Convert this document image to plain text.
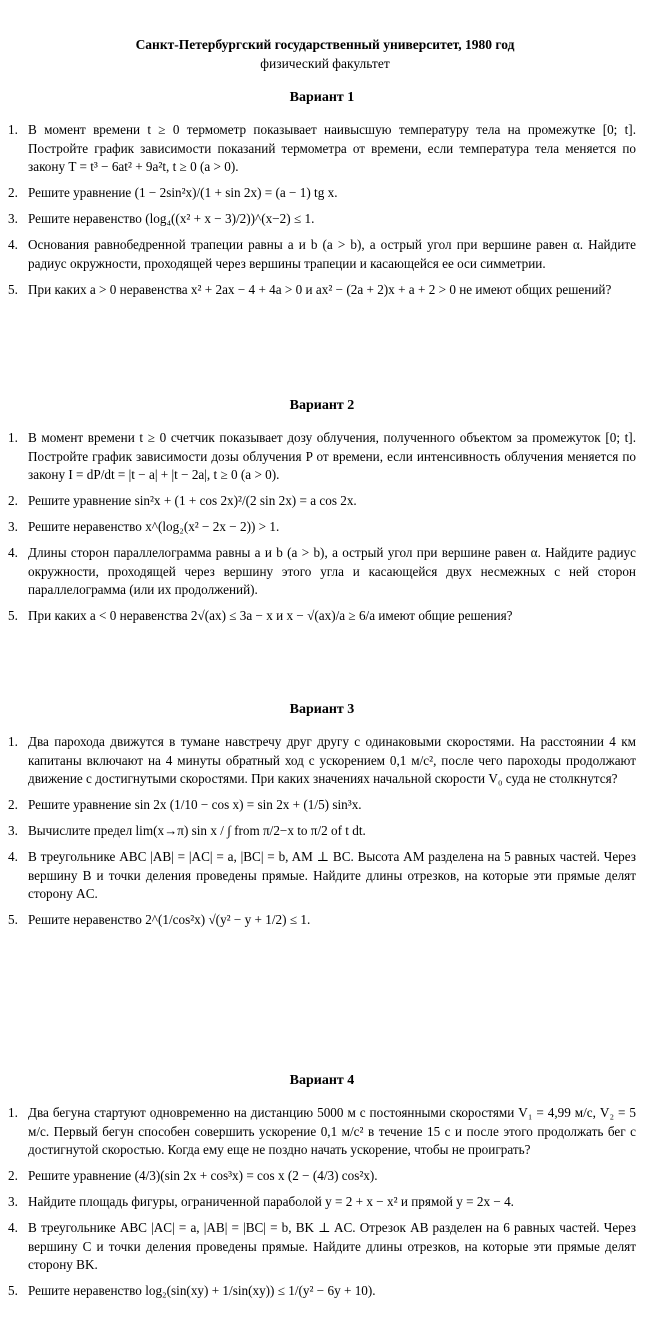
Санкт-Петербургский государственный университет, 1980 год
физический факультет
Вариант 1
1. В момент времени t ≥ 0 термометр показывает наивысшую температуру тела на промежутке [0; t]. Постройте график зависимости показаний термометра от времени, если температура тела меняется по закону T = t³ − 6at² + 9a²t, t ≥ 0 (a > 0).
2. Решите уравнение (1 − 2sin²x)/(1 + sin 2x) = (a − 1) tg x.
3. Решите неравенство (log₄((x² + x − 3)/2))^(x−2) ≤ 1.
4. Основания равнобедренной трапеции равны a и b (a > b), а острый угол при вершине равен α. Найдите радиус окружности, проходящей через вершины трапеции и касающейся ее оси симметрии.
5. При каких a > 0 неравенства x² + 2ax − 4 + 4a > 0 и ax² − (2a + 2)x + a + 2 > 0 не имеют общих решений?
Вариант 2
1. В момент времени t ≥ 0 счетчик показывает дозу облучения, полученного объектом за промежуток [0; t]. Постройте график зависимости дозы облучения P от времени, если интенсивность облучения меняется по закону I = dP/dt = |t − a| + |t − 2a|, t ≥ 0 (a > 0).
2. Решите уравнение sin²x + (1 + cos 2x)²/(2 sin 2x) = a cos 2x.
3. Решите неравенство x^(log₂(x² − 2x − 2)) > 1.
4. Длины сторон параллелограмма равны a и b (a > b), а острый угол при вершине равен α. Найдите радиус окружности, проходящей через вершину этого угла и касающейся двух несмежных с ней сторон параллелограмма (или их продолжений).
5. При каких a < 0 неравенства 2√(ax) ≤ 3a − x и x − √(ax)/a ≥ 6/a имеют общие решения?
Вариант 3
1. Два парохода движутся в тумане навстречу друг другу с одинаковыми скоростями. На расстоянии 4 км капитаны включают на 4 минуты обратный ход с ускорением 0,1 м/с², после чего пароходы продолжают движение с достигнутыми скоростями. При каких значениях начальной скорости V₀ суда не столкнутся?
2. Решите уравнение sin 2x (1/10 − cos x) = sin 2x + (1/5) sin³x.
3. Вычислите предел lim(x→π) sin x / ∫ from π/2−x to π/2 of t dt.
4. В треугольнике ABC |AB| = |AC| = a, |BC| = b, AM ⊥ BC. Высота AM разделена на 5 равных частей. Через вершину B и точки деления проведены прямые. Найдите длины отрезков, на которые эти прямые делят сторону AC.
5. Решите неравенство 2^(1/cos²x) √(y² − y + 1/2) ≤ 1.
Вариант 4
1. Два бегуна стартуют одновременно на дистанцию 5000 м с постоянными скоростями V₁ = 4,99 м/с, V₂ = 5 м/с. Первый бегун способен совершить ускорение 0,1 м/с² в течение 15 с и после этого продолжать бег с достигнутой скоростью. Когда ему еще не поздно начать ускорение, чтобы не проиграть?
2. Решите уравнение (4/3)(sin 2x + cos³x) = cos x (2 − (4/3) cos²x).
3. Найдите площадь фигуры, ограниченной параболой y = 2 + x − x² и прямой y = 2x − 4.
4. В треугольнике ABC |AC| = a, |AB| = |BC| = b, BK ⊥ AC. Отрезок AB разделен на 6 равных частей. Через вершину C и точки деления проведены прямые. Найдите длины отрезков, на которые эти прямые делят сторону BK.
5. Решите неравенство log₂(sin(xy) + 1/sin(xy)) ≤ 1/(y² − 6y + 10).
